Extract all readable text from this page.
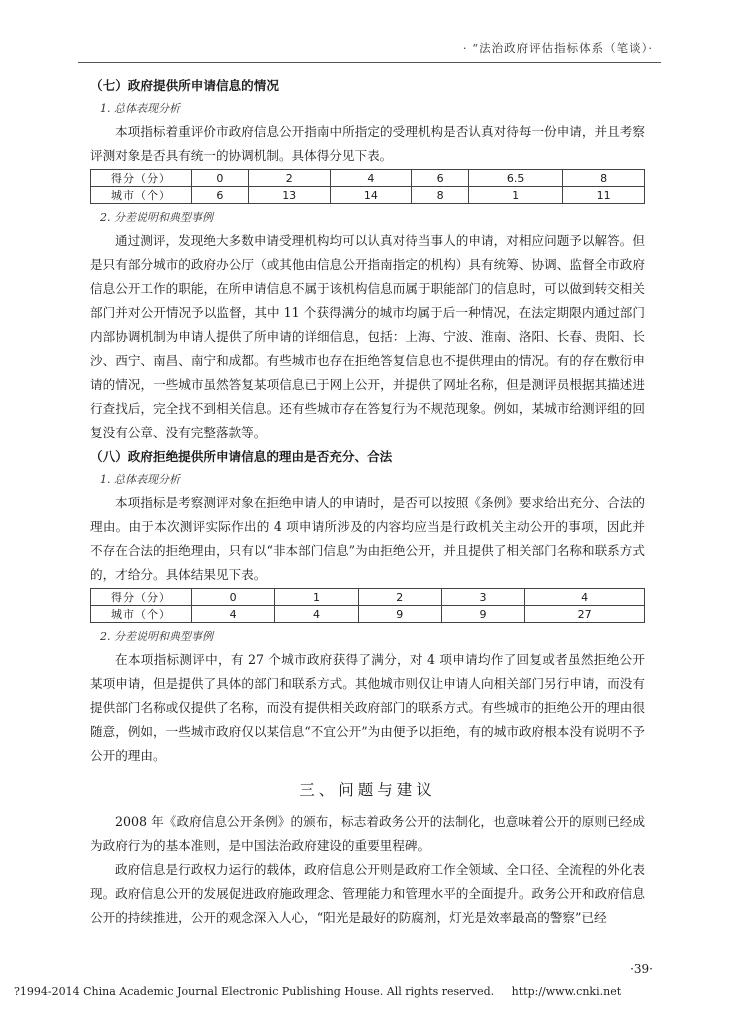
· “法治政府评估指标体系（笔谈）·
（七）政府提供所申请信息的情况
1. 总体表现分析

本项指标着重评价市政府信息公开指南中所指定的受理机构是否认真对待每一份申请，并且考察评测对象是否具有统一的协调机制。具体得分见下表。

得分（分）	0	2	4	6	6.5	8
城市（个）	6	13	14	8	1	11
2. 分差说明和典型事例

通过测评，发现绝大多数申请受理机构均可以认真对待当事人的申请，对相应问题予以解答。但是只有部分城市的政府办公厅（或其他由信息公开指南指定的机构）具有统筹、协调、监督全市政府信息公开工作的职能，在所申请信息不属于该机构信息而属于职能部门的信息时，可以做到转交相关部门并对公开情况予以监督，其中 11 个获得满分的城市均属于后一种情况，在法定期限内通过部门内部协调机制为申请人提供了所申请的详细信息，包括：上海、宁波、淮南、洛阳、长春、贵阳、长沙、西宁、南昌、南宁和成都。有些城市也存在拒绝答复信息也不提供理由的情况。有的存在敷衍申请的情况，一些城市虽然答复某项信息已于网上公开，并提供了网址名称，但是测评员根据其描述进行查找后，完全找不到相关信息。还有些城市存在答复行为不规范现象。例如，某城市给测评组的回复没有公章、没有完整落款等。

（八）政府拒绝提供所申请信息的理由是否充分、合法
1. 总体表现分析

本项指标是考察测评对象在拒绝申请人的申请时，是否可以按照《条例》要求给出充分、合法的理由。由于本次测评实际作出的 4 项申请所涉及的内容均应当是行政机关主动公开的事项，因此并不存在合法的拒绝理由，只有以“非本部门信息”为由拒绝公开，并且提供了相关部门名称和联系方式的，才给分。具体结果见下表。

得分（分）	0	1	2	3	4
城市（个）	4	4	9	9	27
2. 分差说明和典型事例

在本项指标测评中，有 27 个城市政府获得了满分，对 4 项申请均作了回复或者虽然拒绝公开某项申请，但是提供了具体的部门和联系方式。其他城市则仅让申请人向相关部门另行申请，而没有提供部门名称或仅提供了名称，而没有提供相关政府部门的联系方式。有些城市的拒绝公开的理由很随意，例如，一些城市政府仅以某信息“不宜公开”为由便予以拒绝，有的城市政府根本没有说明不予公开的理由。

三、问题与建议

2008 年《政府信息公开条例》的颁布，标志着政务公开的法制化，也意味着公开的原则已经成为政府行为的基本准则，是中国法治政府建设的重要里程碑。

政府信息是行政权力运行的载体，政府信息公开则是政府工作全领域、全口径、全流程的外化表现。政府信息公开的发展促进政府施政理念、管理能力和管理水平的全面提升。政务公开和政府信息公开的持续推进，公开的观念深入人心，“阳光是最好的防腐剂，灯光是效率最高的警察”已经

·39·
?1994-2014 China Academic Journal Electronic Publishing House. All rights reserved. http://www.cnki.net
